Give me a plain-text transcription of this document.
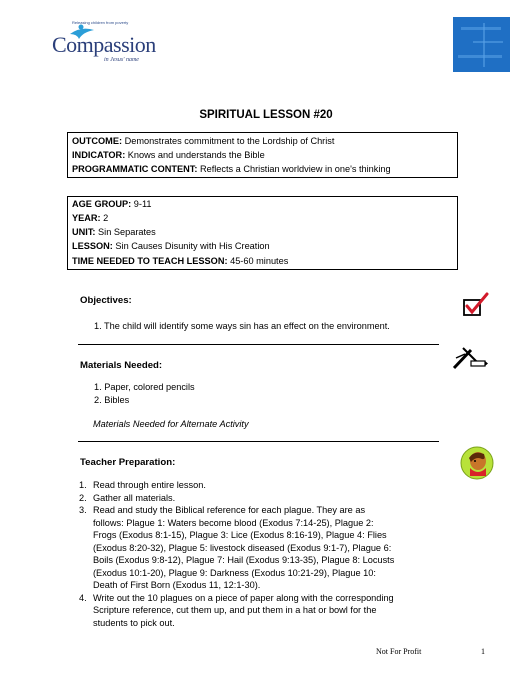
Releasing children from poverty
Compassion
in Jesus' name
SPIRITUAL LESSON #20
OUTCOME: Demonstrates commitment to the Lordship of Christ
INDICATOR: Knows and understands the Bible
PROGRAMMATIC CONTENT: Reflects a Christian worldview in one's thinking
AGE GROUP: 9-11
YEAR: 2
UNIT: Sin Separates
LESSON: Sin Causes Disunity with His Creation
TIME NEEDED TO TEACH LESSON: 45-60 minutes
Objectives:
1. The child will identify some ways sin has an effect on the environment.
Materials Needed:
1. Paper, colored pencils
2. Bibles
Materials Needed for Alternate Activity
Teacher Preparation:
1. Read through entire lesson.
2. Gather all materials.
3. Read and study the Biblical reference for each plague. They are as
follows: Plague 1: Waters become blood (Exodus 7:14-25), Plague 2:
Frogs (Exodus 8:1-15), Plague 3: Lice (Exodus 8:16-19), Plague 4: Flies
(Exodus 8:20-32), Plague 5: livestock diseased (Exodus 9:1-7), Plague 6:
Boils (Exodus 9:8-12), Plague 7: Hail (Exodus 9:13-35), Plague 8: Locusts
(Exodus 10:1-20), Plague 9: Darkness (Exodus 10:21-29), Plague 10:
Death of First Born (Exodus 11, 12:1-30).
4. Write out the 10 plagues on a piece of paper along with the corresponding
Scripture reference, cut them up, and put them in a hat or bowl for the
students to pick out.
Not For Profit	1
